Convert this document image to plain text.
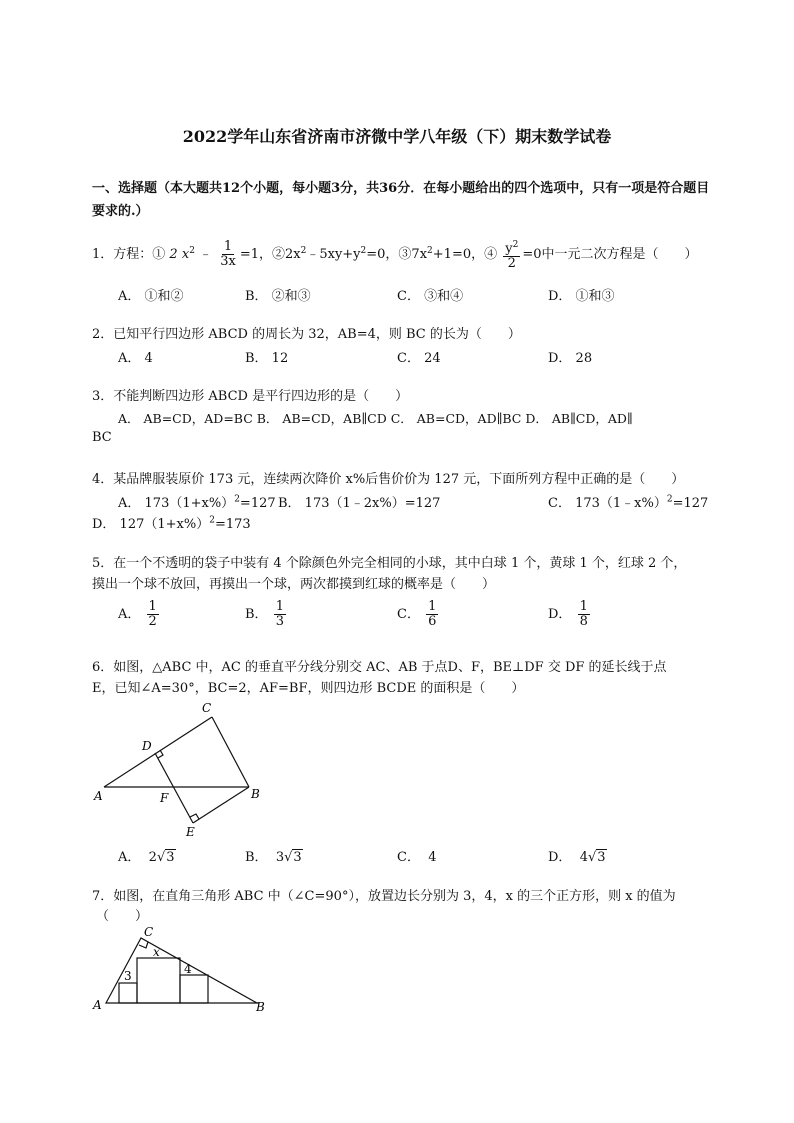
2022学年山东省济南市济微中学八年级（下）期末数学试卷
一、选择题（本大题共12个小题，每小题3分，共36分．在每小题给出的四个选项中，只有一项是符合题目要求的.）
1．方程：① 2 $x^2$ ﹣ $\frac{1}{3x} =1$，$②2x^2﹣5xy+y^2=0$，$③7x^2+1=0$，④ $\frac{y^2}{2} =0$中一元二次方程是（　　）
A． ①和②	B． ②和③	C． ③和④	D． ①和③
2．已知平行四边形 ABCD 的周长为 32，AB=4，则 BC 的长为（　　）
A． 4	B． 12	C． 24	D． 28
3．不能判断四边形 ABCD 是平行四边形的是（　　）
A． AB=CD，AD=BC B． AB=CD，AB∥CD C． AB=CD，AD∥BC D． AB∥CD，AD∥
BC
4．某品牌服装原价 173 元，连续两次降价 x%后售价价为 127 元，下面所列方程中正确的是（　　）
A． $173(1+x\%)^2=127$ B． 173（1﹣2x%）=127	C． 173（1﹣x%）$^2$=127
D． $127(1+x\%)^2=173$
5．在一个不透明的袋子中装有 4 个除颜色外完全相同的小球，其中白球 1 个，黄球 1 个，红球 2 个，
摸出一个球不放回，再摸出一个球，两次都摸到红球的概率是（　　）
A． $\frac{1}{2}$	B． $\frac{1}{3}$	C． $\frac{1}{6}$	D． $\frac{1}{8}$
6．如图，△ABC 中，AC 的垂直平分线分别交 AC、AB 于点D、F，BE⊥DF 交 DF 的延长线于点
E，已知∠A=30°，BC=2，AF=BF，则四边形 BCDE 的面积是（　　）
C
D
A	F	B
E
A． 2√3	B． 3√3	C． 4	D． 4√3
7．如图，在直角三角形 ABC 中（∠C=90°），放置边长分别为 3，4，x 的三个正方形，则 x 的值为
（　　）
C
x
4
3
A	B
